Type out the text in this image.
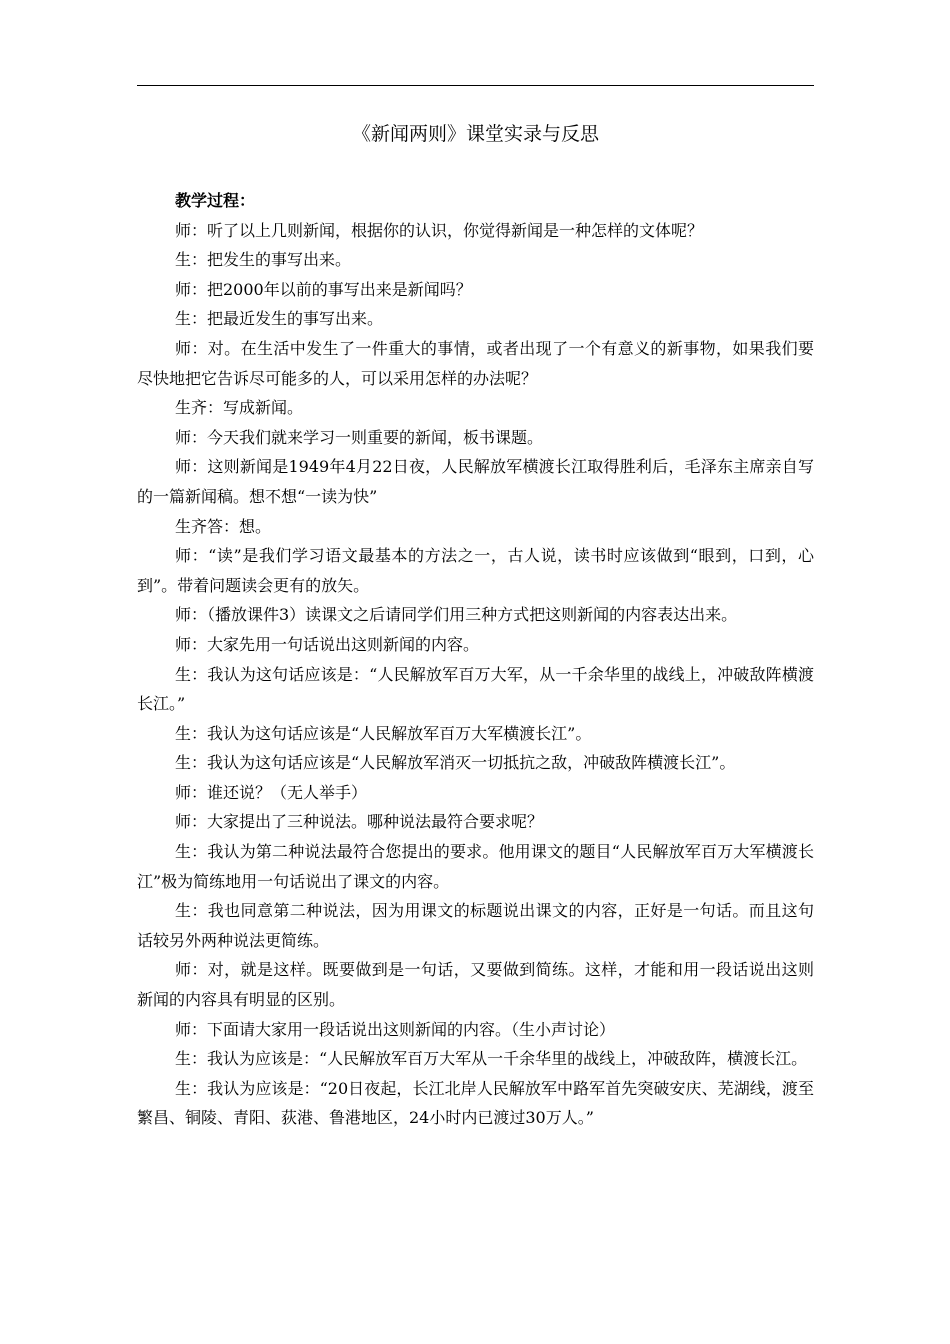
《新闻两则》课堂实录与反思

教学过程：

师：听了以上几则新闻，根据你的认识，你觉得新闻是一种怎样的文体呢？

生：把发生的事写出来。

师：把2000年以前的事写出来是新闻吗？

生：把最近发生的事写出来。

师：对。在生活中发生了一件重大的事情，或者出现了一个有意义的新事物，如果我们要尽快地把它告诉尽可能多的人，可以采用怎样的办法呢？

生齐：写成新闻。

师：今天我们就来学习一则重要的新闻，板书课题。

师：这则新闻是1949年4月22日夜，人民解放军横渡长江取得胜利后，毛泽东主席亲自写的一篇新闻稿。想不想“一读为快”

生齐答：想。

师：“读”是我们学习语文最基本的方法之一，古人说，读书时应该做到“眼到，口到，心到”。带着问题读会更有的放矢。

师：（播放课件3）读课文之后请同学们用三种方式把这则新闻的内容表达出来。

师：大家先用一句话说出这则新闻的内容。

生：我认为这句话应该是：“人民解放军百万大军，从一千余华里的战线上，冲破敌阵横渡长江。”

生：我认为这句话应该是“人民解放军百万大军横渡长江”。

生：我认为这句话应该是“人民解放军消灭一切抵抗之敌，冲破敌阵横渡长江”。

师：谁还说？（无人举手）

师：大家提出了三种说法。哪种说法最符合要求呢？

生：我认为第二种说法最符合您提出的要求。他用课文的题目“人民解放军百万大军横渡长江”极为简练地用一句话说出了课文的内容。

生：我也同意第二种说法，因为用课文的标题说出课文的内容，正好是一句话。而且这句话较另外两种说法更简练。

师：对，就是这样。既要做到是一句话，又要做到简练。这样，才能和用一段话说出这则新闻的内容具有明显的区别。

师：下面请大家用一段话说出这则新闻的内容。（生小声讨论）

生：我认为应该是：“人民解放军百万大军从一千余华里的战线上，冲破敌阵，横渡长江。

生：我认为应该是：“20日夜起，长江北岸人民解放军中路军首先突破安庆、芜湖线，渡至繁昌、铜陵、青阳、荻港、鲁港地区，24小时内已渡过30万人。”
